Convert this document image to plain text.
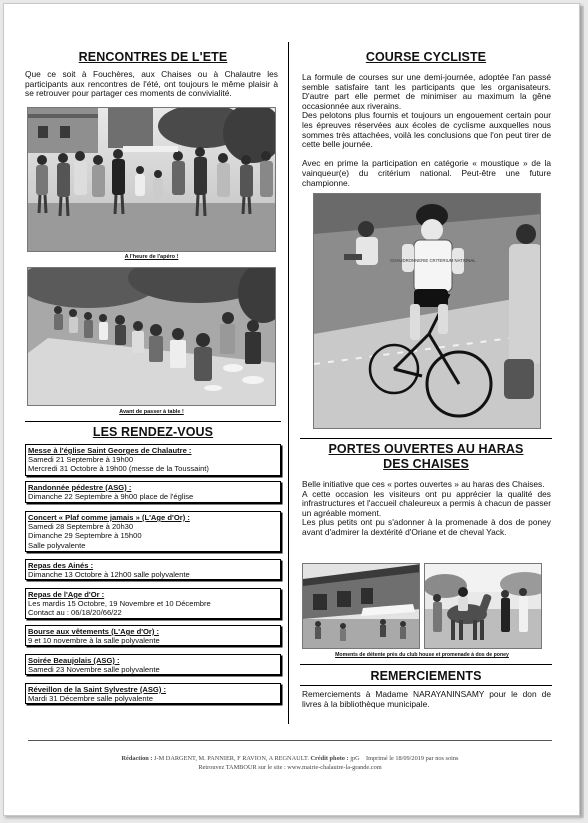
RENCONTRES DE L'ETE

Que ce soit à Fouchères, aux Chaises ou à Chalautre les participants aux rencontres de l'été, ont toujours le même plaisir à se retrouver pour partager ces moments de convivialité.

A l'heure de l'apéro !
Avant de passer à table !
LES RENDEZ-VOUS
Messe à l'église Saint Georges de Chalautre :
Samedi 21 Septembre à 19h00
Mercredi 31 Octobre à 19h00 (messe de la Toussaint)
Randonnée pédestre (ASG) :
Dimanche 22 Septembre à 9h00 place de l'église
Concert « Plaf comme jamais » (L'Age d'Or) :
Samedi 28 Septembre à 20h30
Dimanche 29 Septembre à 15h00
Salle polyvalente
Repas des Ainés :
Dimanche 13 Octobre à 12h00 salle polyvalente
Repas de l'Age d'Or :
Les mardis 15 Octobre, 19 Novembre et 10 Décembre
Contact au : 06/18/20/66/22
Bourse aux vêtements (L'Age d'Or) :
9 et 10 novembre à la salle polyvalente
Soirée Beaujolais (ASG) :
Samedi 23 Novembre salle polyvalente
Réveillon de la Saint Sylvestre (ASG) :
Mardi 31 Décembre salle polyvalente
COURSE CYCLISTE

La formule de courses sur une demi-journée, adoptée l'an passé semble satisfaire tant les participants que les organisateurs. D'autre part elle permet de minimiser au maximum la gêne occasionnée aux riverains.

Des pelotons plus fournis et toujours un engouement certain pour les épreuves réservées aux écoles de cyclisme auxquelles nous sommes très attachées, voilà les conclusions que l'on peut tirer de cette belle journée.

Avec en prime la participation en catégorie « moustique » de la vainqueur(e) du critérium national. Peut-être une future championne.

CHAUDRONNERIE CRITERIUM NATIONAL
PORTES OUVERTES AU HARAS
DES CHAISES

Belle initiative que ces « portes ouvertes » au haras des Chaises.

A cette occasion les visiteurs ont pu apprécier la qualité des infrastructures et l'accueil chaleureux a permis à chacun de passer un agréable moment.

Les plus petits ont pu s'adonner à la promenade à dos de poney avant d'admirer la dextérité d'Oriane et de cheval Yack.

Moments de détente près du club house et promenade à dos de poney
REMERCIEMENTS

Remerciements à Madame NARAYANINSAMY pour le don de livres à la bibliothèque municipale.

Rédaction : J-M DARGENT, M. PANNIER, F RAVION, A REGNAULT. Crédit photo : jpG Imprimé le 18/09/2019 par nos soins
Retrouvez TAMBOUR sur le site : www.mairie-chalautre-la-grande.com
